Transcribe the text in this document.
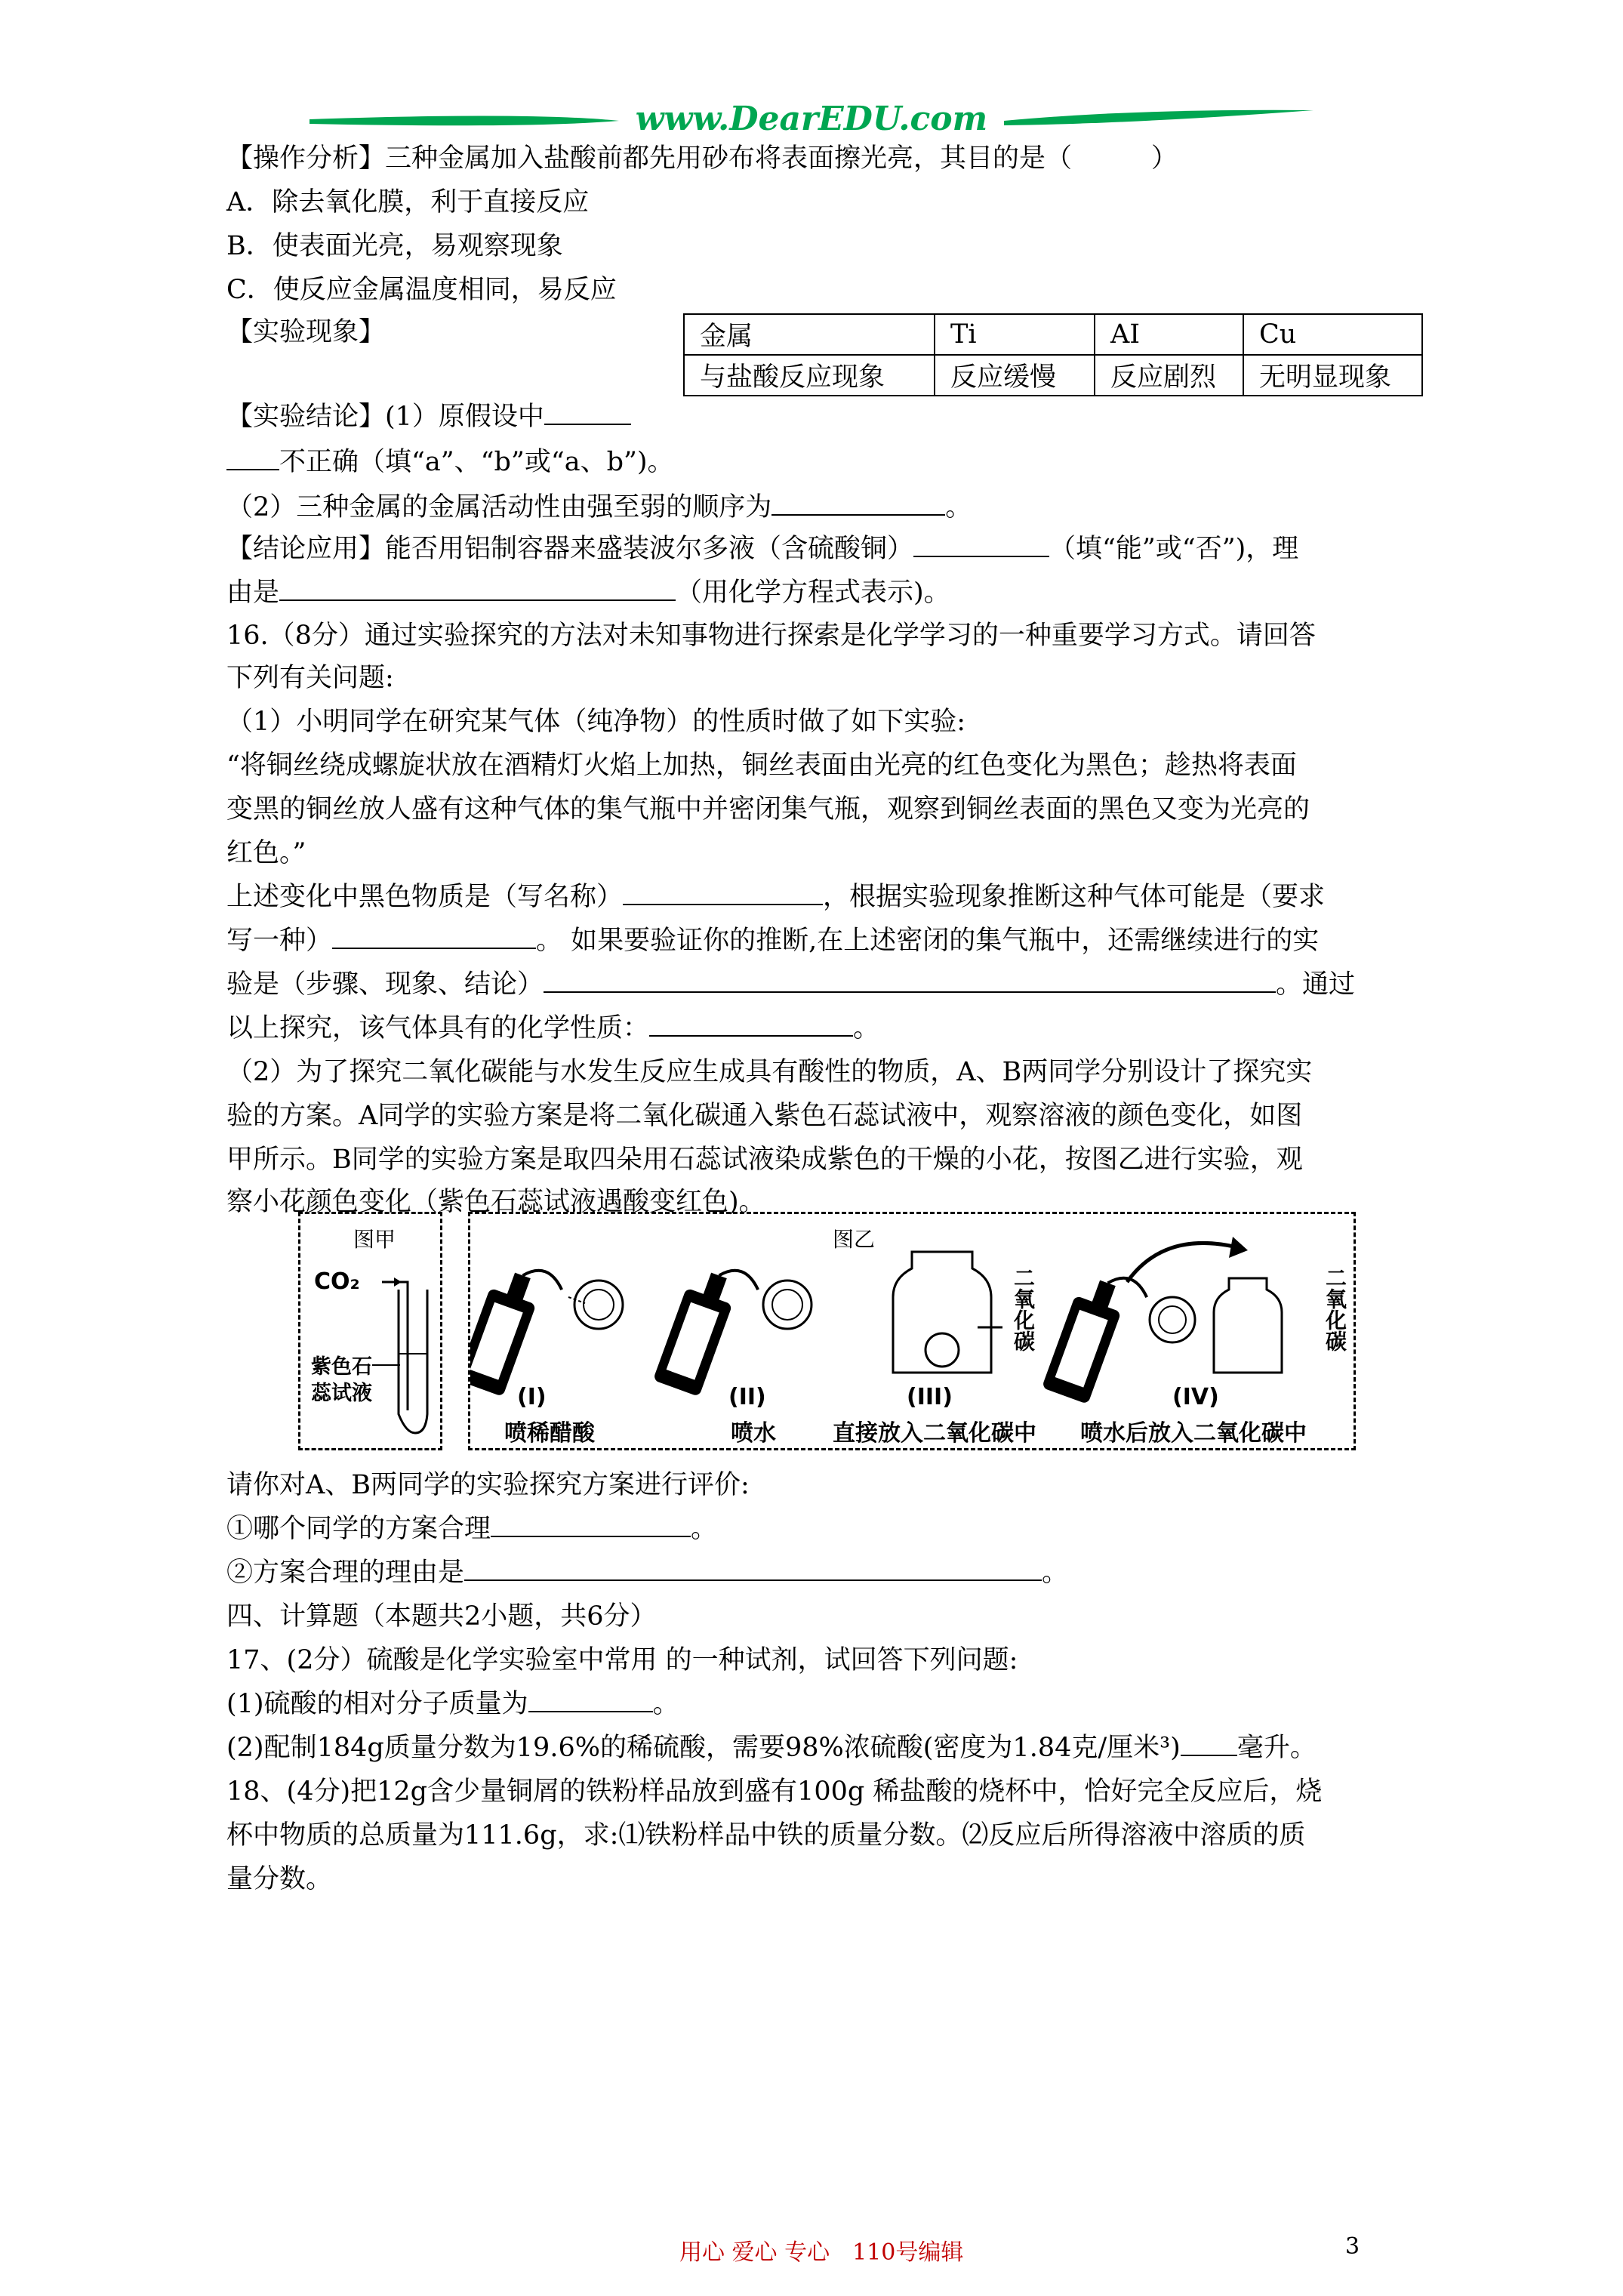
www.DearEDU.com
【操作分析】三种金属加入盐酸前都先用砂布将表面擦光亮，其目的是（　　　）
A．除去氧化膜，利于直接反应
B．使表面光亮，易观察现象
C．使反应金属温度相同，易反应
【实验现象】	金属	Ti	AI	Cu
与盐酸反应现象	反应缓慢	反应剧烈	无明显现象
【实验结论】(1）原假设中
不正确（填“a”、“b”或“a、b”)。
（2）三种金属的金属活动性由强至弱的顺序为	。
【结论应用】能否用铝制容器来盛装波尔多液（含硫酸铜）	（填“能”或“否”)，理
由是	（用化学方程式表示)。
16.（8分）通过实验探究的方法对未知事物进行探索是化学学习的一种重要学习方式。请回答
下列有关问题:
（1）小明同学在研究某气体（纯净物）的性质时做了如下实验:
“将铜丝绕成螺旋状放在酒精灯火焰上加热，铜丝表面由光亮的红色变化为黑色；趁热将表面
变黑的铜丝放人盛有这种气体的集气瓶中并密闭集气瓶，观察到铜丝表面的黑色又变为光亮的
红色。”
上述变化中黑色物质是（写名称）	，根据实验现象推断这种气体可能是（要求
写一种）	。 如果要验证你的推断,在上述密闭的集气瓶中，还需继续进行的实
验是（步骤、现象、结论）	。通过
以上探究，该气体具有的化学性质：	。
（2）为了探究二氧化碳能与水发生反应生成具有酸性的物质，A、B两同学分别设计了探究实
验的方案。A同学的实验方案是将二氧化碳通入紫色石蕊试液中，观察溶液的颜色变化，如图
甲所示。B同学的实验方案是取四朵用石蕊试液染成紫色的干燥的小花，按图乙进行实验，观
察小花颜色变化（紫色石蕊试液遇酸变红色)。
图甲
CO₂
紫色石
蕊试液
图乙
二氧化碳	二氧化碳
(I)
喷稀醋酸
(II)
喷水
(III)
直接放入二氧化碳中
(IV)
喷水后放入二氧化碳中
请你对A、B两同学的实验探究方案进行评价:
①哪个同学的方案合理	。
②方案合理的理由是	。
四、计算题（本题共2小题，共6分）
17、(2分）硫酸是化学实验室中常用 的一种试剂，试回答下列问题:
(1)硫酸的相对分子质量为	。
(2)配制184g质量分数为19.6%的稀硫酸，需要98%浓硫酸(密度为1.84克/厘米³) 毫升。
18、(4分)把12g含少量铜屑的铁粉样品放到盛有100g 稀盐酸的烧杯中，恰好完全反应后，烧
杯中物质的总质量为111.6g，求:⑴铁粉样品中铁的质量分数。⑵反应后所得溶液中溶质的质
量分数。
用心 爱心 专心　110号编辑	3
